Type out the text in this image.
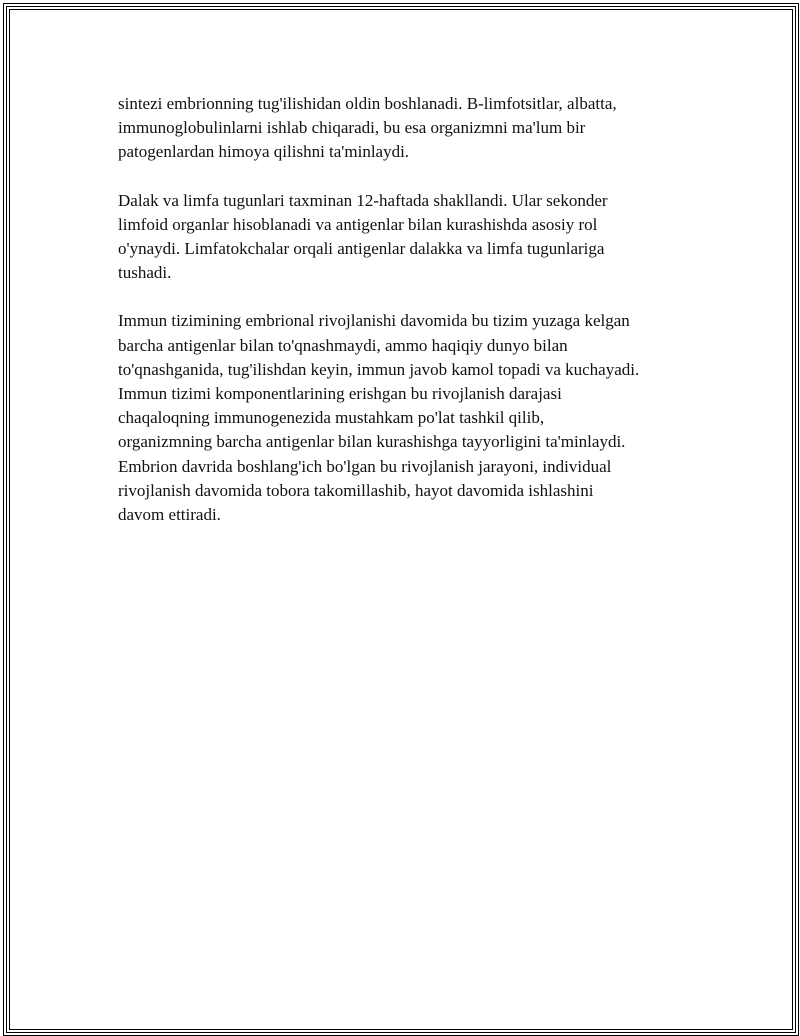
sintezi embrionning tug'ilishidan oldin boshlanadi. B-limfotsitlar, albatta,
immunoglobulinlarni ishlab chiqaradi, bu esa organizmni ma'lum bir
patogenlardan himoya qilishni ta'minlaydi.

Dalak va limfa tugunlari taxminan 12-haftada shakllandi. Ular sekonder
limfoid organlar hisoblanadi va antigenlar bilan kurashishda asosiy rol
o'ynaydi. Limfatokchalar orqali antigenlar dalakka va limfa tugunlariga
tushadi.

Immun tizimining embrional rivojlanishi davomida bu tizim yuzaga kelgan
barcha antigenlar bilan to'qnashmaydi, ammo haqiqiy dunyo bilan
to'qnashganida, tug'ilishdan keyin, immun javob kamol topadi va kuchayadi.
Immun tizimi komponentlarining erishgan bu rivojlanish darajasi
chaqaloqning immunogenezida mustahkam po'lat tashkil qilib,
organizmning barcha antigenlar bilan kurashishga tayyorligini ta'minlaydi.
Embrion davrida boshlang'ich bo'lgan bu rivojlanish jarayoni, individual
rivojlanish davomida tobora takomillashib, hayot davomida ishlashini
davom ettiradi.
